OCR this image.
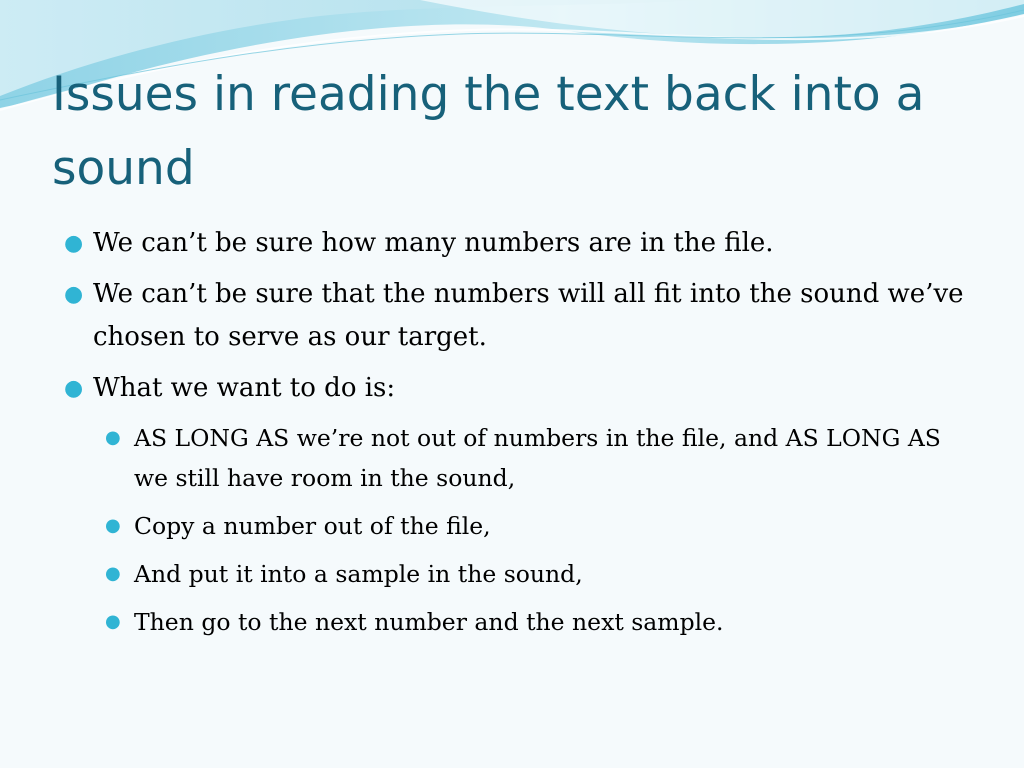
Issues in reading the text back into a sound
● We can’t be sure how many numbers are in the file.
● We can’t be sure that the numbers will all fit into the sound we’ve chosen to serve as our target.
● What we want to do is:
● AS LONG AS we’re not out of numbers in the file, and AS LONG AS we still have room in the sound,
● Copy a number out of the file,
● And put it into a sample in the sound,
● Then go to the next number and the next sample.
